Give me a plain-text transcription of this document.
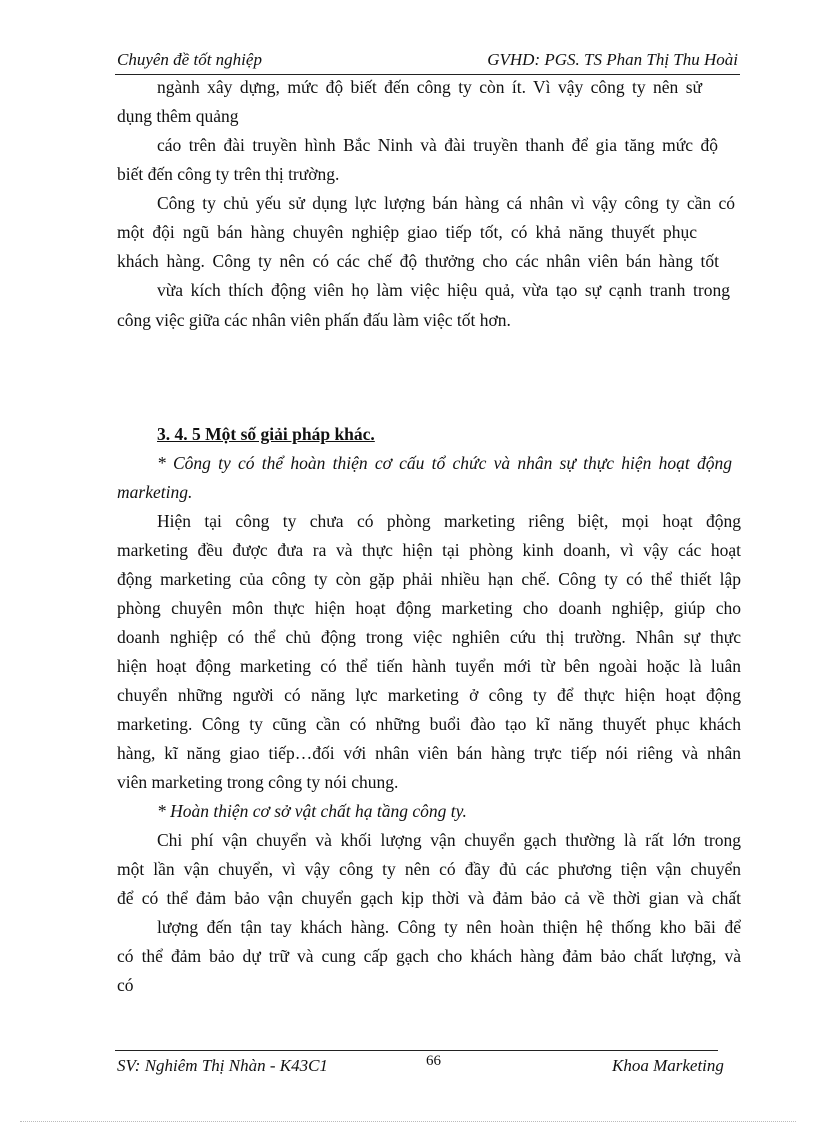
Chuyên đề tốt nghiệp	GVHD: PGS. TS Phan Thị Thu Hoài
ngành xây dựng, mức độ biết đến công ty còn ít. Vì vậy công ty nên sử
dụng thêm quảng
cáo trên đài truyền hình Bắc Ninh và đài truyền thanh để gia tăng mức độ
biết đến công ty trên thị trường.
Công ty chủ yếu sử dụng lực lượng bán hàng cá nhân vì vậy công ty cần có
một đội ngũ bán hàng chuyên nghiệp giao tiếp tốt, có khả năng thuyết phục
khách hàng. Công ty nên có các chế độ thưởng cho các nhân viên bán hàng tốt
vừa kích thích động viên họ làm việc hiệu quả, vừa tạo sự cạnh tranh trong
công việc giữa các nhân viên phấn đấu làm việc tốt hơn.
3. 4. 5 Một số giải pháp khác.
* Công ty có thể hoàn thiện cơ cấu tổ chức và nhân sự thực hiện hoạt động
marketing.
Hiện tại công ty chưa có phòng marketing riêng biệt, mọi hoạt động
marketing đều được đưa ra và thực hiện tại phòng kinh doanh, vì vậy các hoạt
động marketing của công ty còn gặp phải nhiều hạn chế. Công ty có thể thiết lập
phòng chuyên môn thực hiện hoạt động marketing cho doanh nghiệp, giúp cho
doanh nghiệp có thể chủ động trong việc nghiên cứu thị trường. Nhân sự thực
hiện hoạt động marketing có thể tiến hành tuyển mới từ bên ngoài hoặc là luân
chuyển những người có năng lực marketing ở công ty để thực hiện hoạt động
marketing. Công ty cũng cần có những buổi đào tạo kĩ năng thuyết phục khách
hàng, kĩ năng giao tiếp…đối với nhân viên bán hàng trực tiếp nói riêng và nhân
viên marketing trong công ty nói chung.
* Hoàn thiện cơ sở vật chất hạ tầng công ty.
Chi phí vận chuyển và khối lượng vận chuyển gạch thường là rất lớn trong
một lần vận chuyển, vì vậy công ty nên có đầy đủ các phương tiện vận chuyển
để có thể đảm bảo vận chuyển gạch kịp thời và đảm bảo cả về thời gian và chất
lượng đến tận tay khách hàng. Công ty nên hoàn thiện hệ thống kho bãi để
có thể đảm bảo dự trữ và cung cấp gạch cho khách hàng đảm bảo chất lượng, và
có
66
SV: Nghiêm Thị Nhàn - K43C1	Khoa Marketing
